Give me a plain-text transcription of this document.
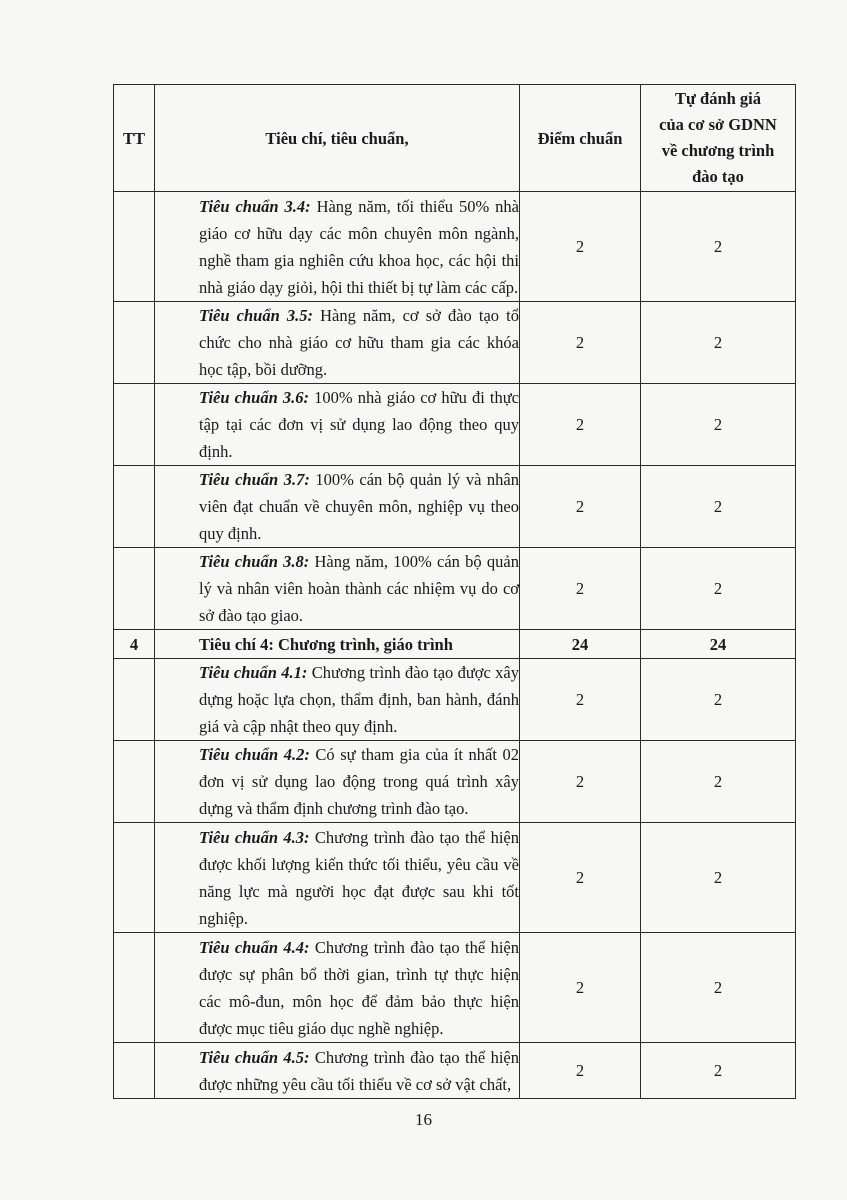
TT	Tiêu chí, tiêu chuẩn,	Điểm chuẩn	Tự đánh giá
của cơ sở GDNN
về chương trình
đào tạo

	Tiêu chuẩn 3.4: Hàng năm, tối thiểu 50% nhà giáo cơ hữu dạy các môn chuyên môn ngành, nghề tham gia nghiên cứu khoa học, các hội thi nhà giáo dạy giỏi, hội thi thiết bị tự làm các cấp.	2	2
	Tiêu chuẩn 3.5: Hàng năm, cơ sở đào tạo tổ chức cho nhà giáo cơ hữu tham gia các khóa học tập, bồi dưỡng.	2	2
	Tiêu chuẩn 3.6: 100% nhà giáo cơ hữu đi thực tập tại các đơn vị sử dụng lao động theo quy định.	2	2
	Tiêu chuẩn 3.7: 100% cán bộ quản lý và nhân viên đạt chuẩn về chuyên môn, nghiệp vụ theo quy định.	2	2
	Tiêu chuẩn 3.8: Hàng năm, 100% cán bộ quản lý và nhân viên hoàn thành các nhiệm vụ do cơ sở đào tạo giao.	2	2
4	Tiêu chí 4: Chương trình, giáo trình	24	24
	Tiêu chuẩn 4.1: Chương trình đào tạo được xây dựng hoặc lựa chọn, thẩm định, ban hành, đánh giá và cập nhật theo quy định.	2	2
	Tiêu chuẩn 4.2: Có sự tham gia của ít nhất 02 đơn vị sử dụng lao động trong quá trình xây dựng và thẩm định chương trình đào tạo.	2	2
	Tiêu chuẩn 4.3: Chương trình đào tạo thể hiện được khối lượng kiến thức tối thiểu, yêu cầu về năng lực mà người học đạt được sau khi tốt nghiệp.	2	2
	Tiêu chuẩn 4.4: Chương trình đào tạo thể hiện được sự phân bổ thời gian, trình tự thực hiện các mô-đun, môn học để đảm bảo thực hiện được mục tiêu giáo dục nghề nghiệp.	2	2
	Tiêu chuẩn 4.5: Chương trình đào tạo thể hiện được những yêu cầu tối thiểu về cơ sở vật chất,	2	2
16
